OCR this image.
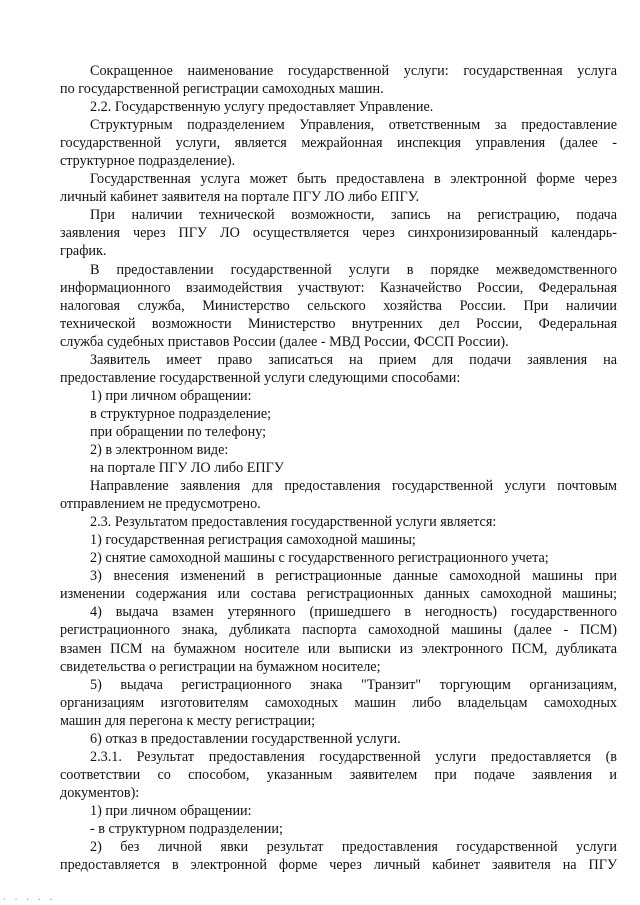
Сокращенное наименование государственной услуги: государственная услуга
по государственной регистрации самоходных машин.
2.2. Государственную услугу предоставляет Управление.
Структурным подразделением Управления, ответственным за предоставление
государственной услуги, является межрайонная инспекция управления (далее -
структурное подразделение).
Государственная услуга может быть предоставлена в электронной форме через
личный кабинет заявителя на портале ПГУ ЛО либо ЕПГУ.
При наличии технической возможности, запись на регистрацию, подача
заявления через ПГУ ЛО осуществляется через синхронизированный календарь-
график.
В предоставлении государственной услуги в порядке межведомственного
информационного взаимодействия участвуют: Казначейство России, Федеральная
налоговая служба, Министерство сельского хозяйства России. При наличии
технической возможности Министерство внутренних дел России, Федеральная
служба судебных приставов России (далее - МВД России, ФССП России).
Заявитель имеет право записаться на прием для подачи заявления на
предоставление государственной услуги следующими способами:
1) при личном обращении:
в структурное подразделение;
при обращении по телефону;
2) в электронном виде:
на портале ПГУ ЛО либо ЕПГУ
Направление заявления для предоставления государственной услуги почтовым
отправлением не предусмотрено.
2.3. Результатом предоставления государственной услуги является:
1) государственная регистрация самоходной машины;
2) снятие самоходной машины с государственного регистрационного учета;
3) внесения изменений в регистрационные данные самоходной машины при
изменении содержания или состава регистрационных данных самоходной машины;
4) выдача взамен утерянного (пришедшего в негодность) государственного
регистрационного знака, дубликата паспорта самоходной машины (далее - ПСМ)
взамен ПСМ на бумажном носителе или выписки из электронного ПСМ, дубликата
свидетельства о регистрации на бумажном носителе;
5) выдача регистрационного знака "Транзит" торгующим организациям,
организациям изготовителям самоходных машин либо владельцам самоходных
машин для перегона к месту регистрации;
6) отказ в предоставлении государственной услуги.
2.3.1. Результат предоставления государственной услуги предоставляется (в
соответствии со способом, указанным заявителем при подаче заявления и
документов):
1) при личном обращении:
- в структурном подразделении;
2) без личной явки результат предоставления государственной услуги
предоставляется в электронной форме через личный кабинет заявителя на ПГУ
· · · · ·
